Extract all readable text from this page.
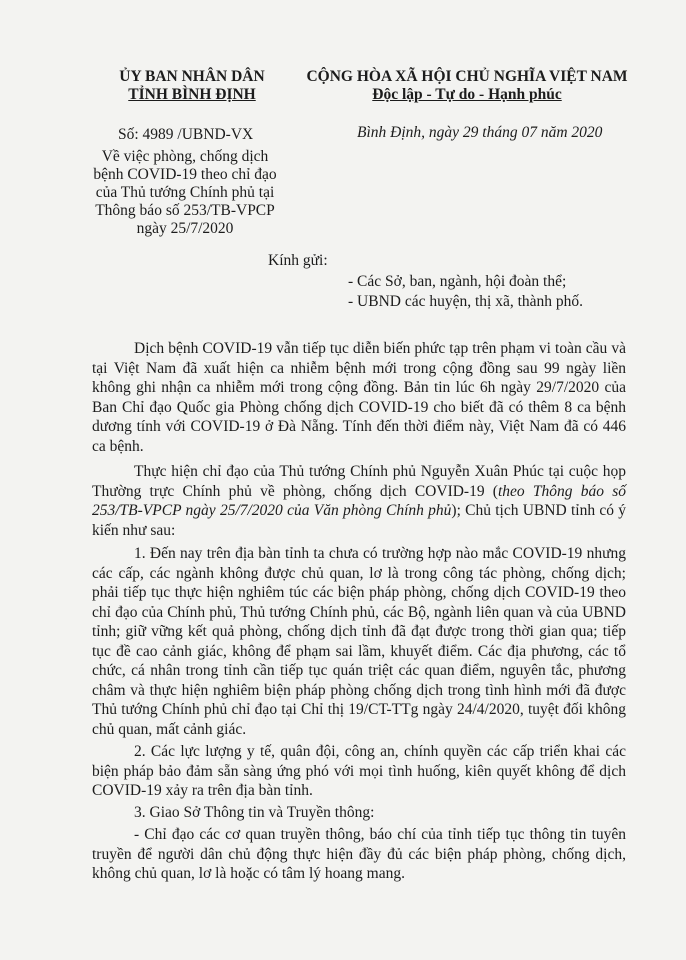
ỦY BAN NHÂN DÂN
TỈNH BÌNH ĐỊNH
CỘNG HÒA XÃ HỘI CHỦ NGHĨA VIỆT NAM
Độc lập - Tự do - Hạnh phúc
Số: 4989 /UBND-VX	Bình Định, ngày 29 tháng 07 năm 2020
Về việc phòng, chống dịch
bệnh COVID-19 theo chỉ đạo
của Thủ tướng Chính phủ tại
Thông báo số 253/TB-VPCP
ngày 25/7/2020
Kính gửi:
- Các Sở, ban, ngành, hội đoàn thể;
- UBND các huyện, thị xã, thành phố.
Dịch bệnh COVID-19 vẫn tiếp tục diễn biến phức tạp trên phạm vi toàn cầu và tại Việt Nam đã xuất hiện ca nhiễm bệnh mới trong cộng đồng sau 99 ngày liền không ghi nhận ca nhiễm mới trong cộng đồng. Bản tin lúc 6h ngày 29/7/2020 của Ban Chỉ đạo Quốc gia Phòng chống dịch COVID-19 cho biết đã có thêm 8 ca bệnh dương tính với COVID-19 ở Đà Nẵng. Tính đến thời điểm này, Việt Nam đã có 446 ca bệnh.
Thực hiện chỉ đạo của Thủ tướng Chính phủ Nguyễn Xuân Phúc tại cuộc họp Thường trực Chính phủ về phòng, chống dịch COVID-19 (theo Thông báo số 253/TB-VPCP ngày 25/7/2020 của Văn phòng Chính phủ); Chủ tịch UBND tỉnh có ý kiến như sau:
1. Đến nay trên địa bàn tỉnh ta chưa có trường hợp nào mắc COVID-19 nhưng các cấp, các ngành không được chủ quan, lơ là trong công tác phòng, chống dịch; phải tiếp tục thực hiện nghiêm túc các biện pháp phòng, chống dịch COVID-19 theo chỉ đạo của Chính phủ, Thủ tướng Chính phủ, các Bộ, ngành liên quan và của UBND tỉnh; giữ vững kết quả phòng, chống dịch tỉnh đã đạt được trong thời gian qua; tiếp tục đề cao cảnh giác, không để phạm sai lầm, khuyết điểm. Các địa phương, các tổ chức, cá nhân trong tỉnh cần tiếp tục quán triệt các quan điểm, nguyên tắc, phương châm và thực hiện nghiêm biện pháp phòng chống dịch trong tình hình mới đã được Thủ tướng Chính phủ chỉ đạo tại Chỉ thị 19/CT-TTg ngày 24/4/2020, tuyệt đối không chủ quan, mất cảnh giác.
2. Các lực lượng y tế, quân đội, công an, chính quyền các cấp triển khai các biện pháp bảo đảm sẵn sàng ứng phó với mọi tình huống, kiên quyết không để dịch COVID-19 xảy ra trên địa bàn tỉnh.
3. Giao Sở Thông tin và Truyền thông:
- Chỉ đạo các cơ quan truyền thông, báo chí của tỉnh tiếp tục thông tin tuyên truyền để người dân chủ động thực hiện đầy đủ các biện pháp phòng, chống dịch, không chủ quan, lơ là hoặc có tâm lý hoang mang.
